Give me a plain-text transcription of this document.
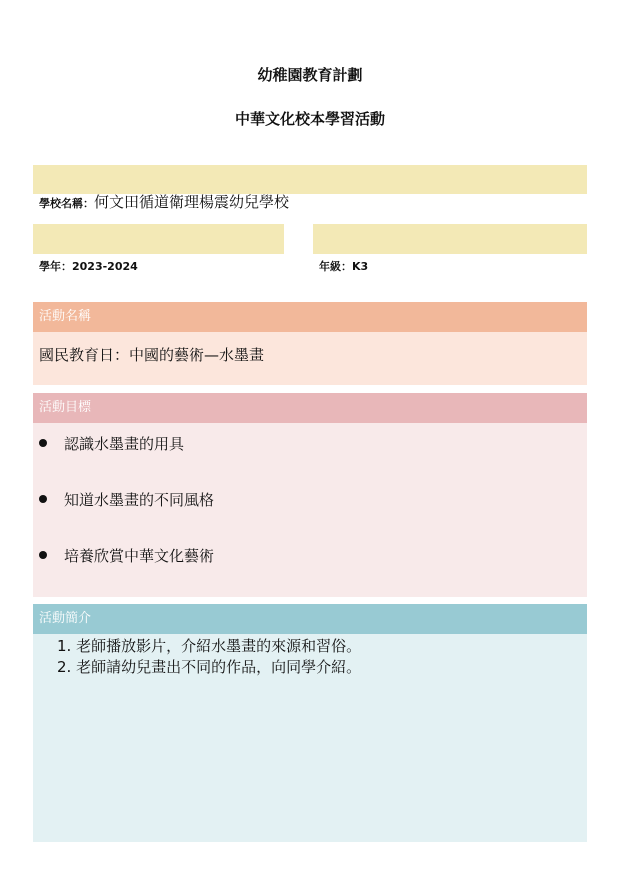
幼稚園教育計劃
中華文化校本學習活動
學校名稱：何文田循道衛理楊震幼兒學校
學年：2023-2024	年級：K3
活動名稱
國民教育日：中國的藝術—水墨畫
活動目標
認識水墨畫的用具
知道水墨畫的不同風格
培養欣賞中華文化藝術
活動簡介
1. 老師播放影片，介紹水墨畫的來源和習俗。
2. 老師請幼兒畫出不同的作品，向同學介紹。
